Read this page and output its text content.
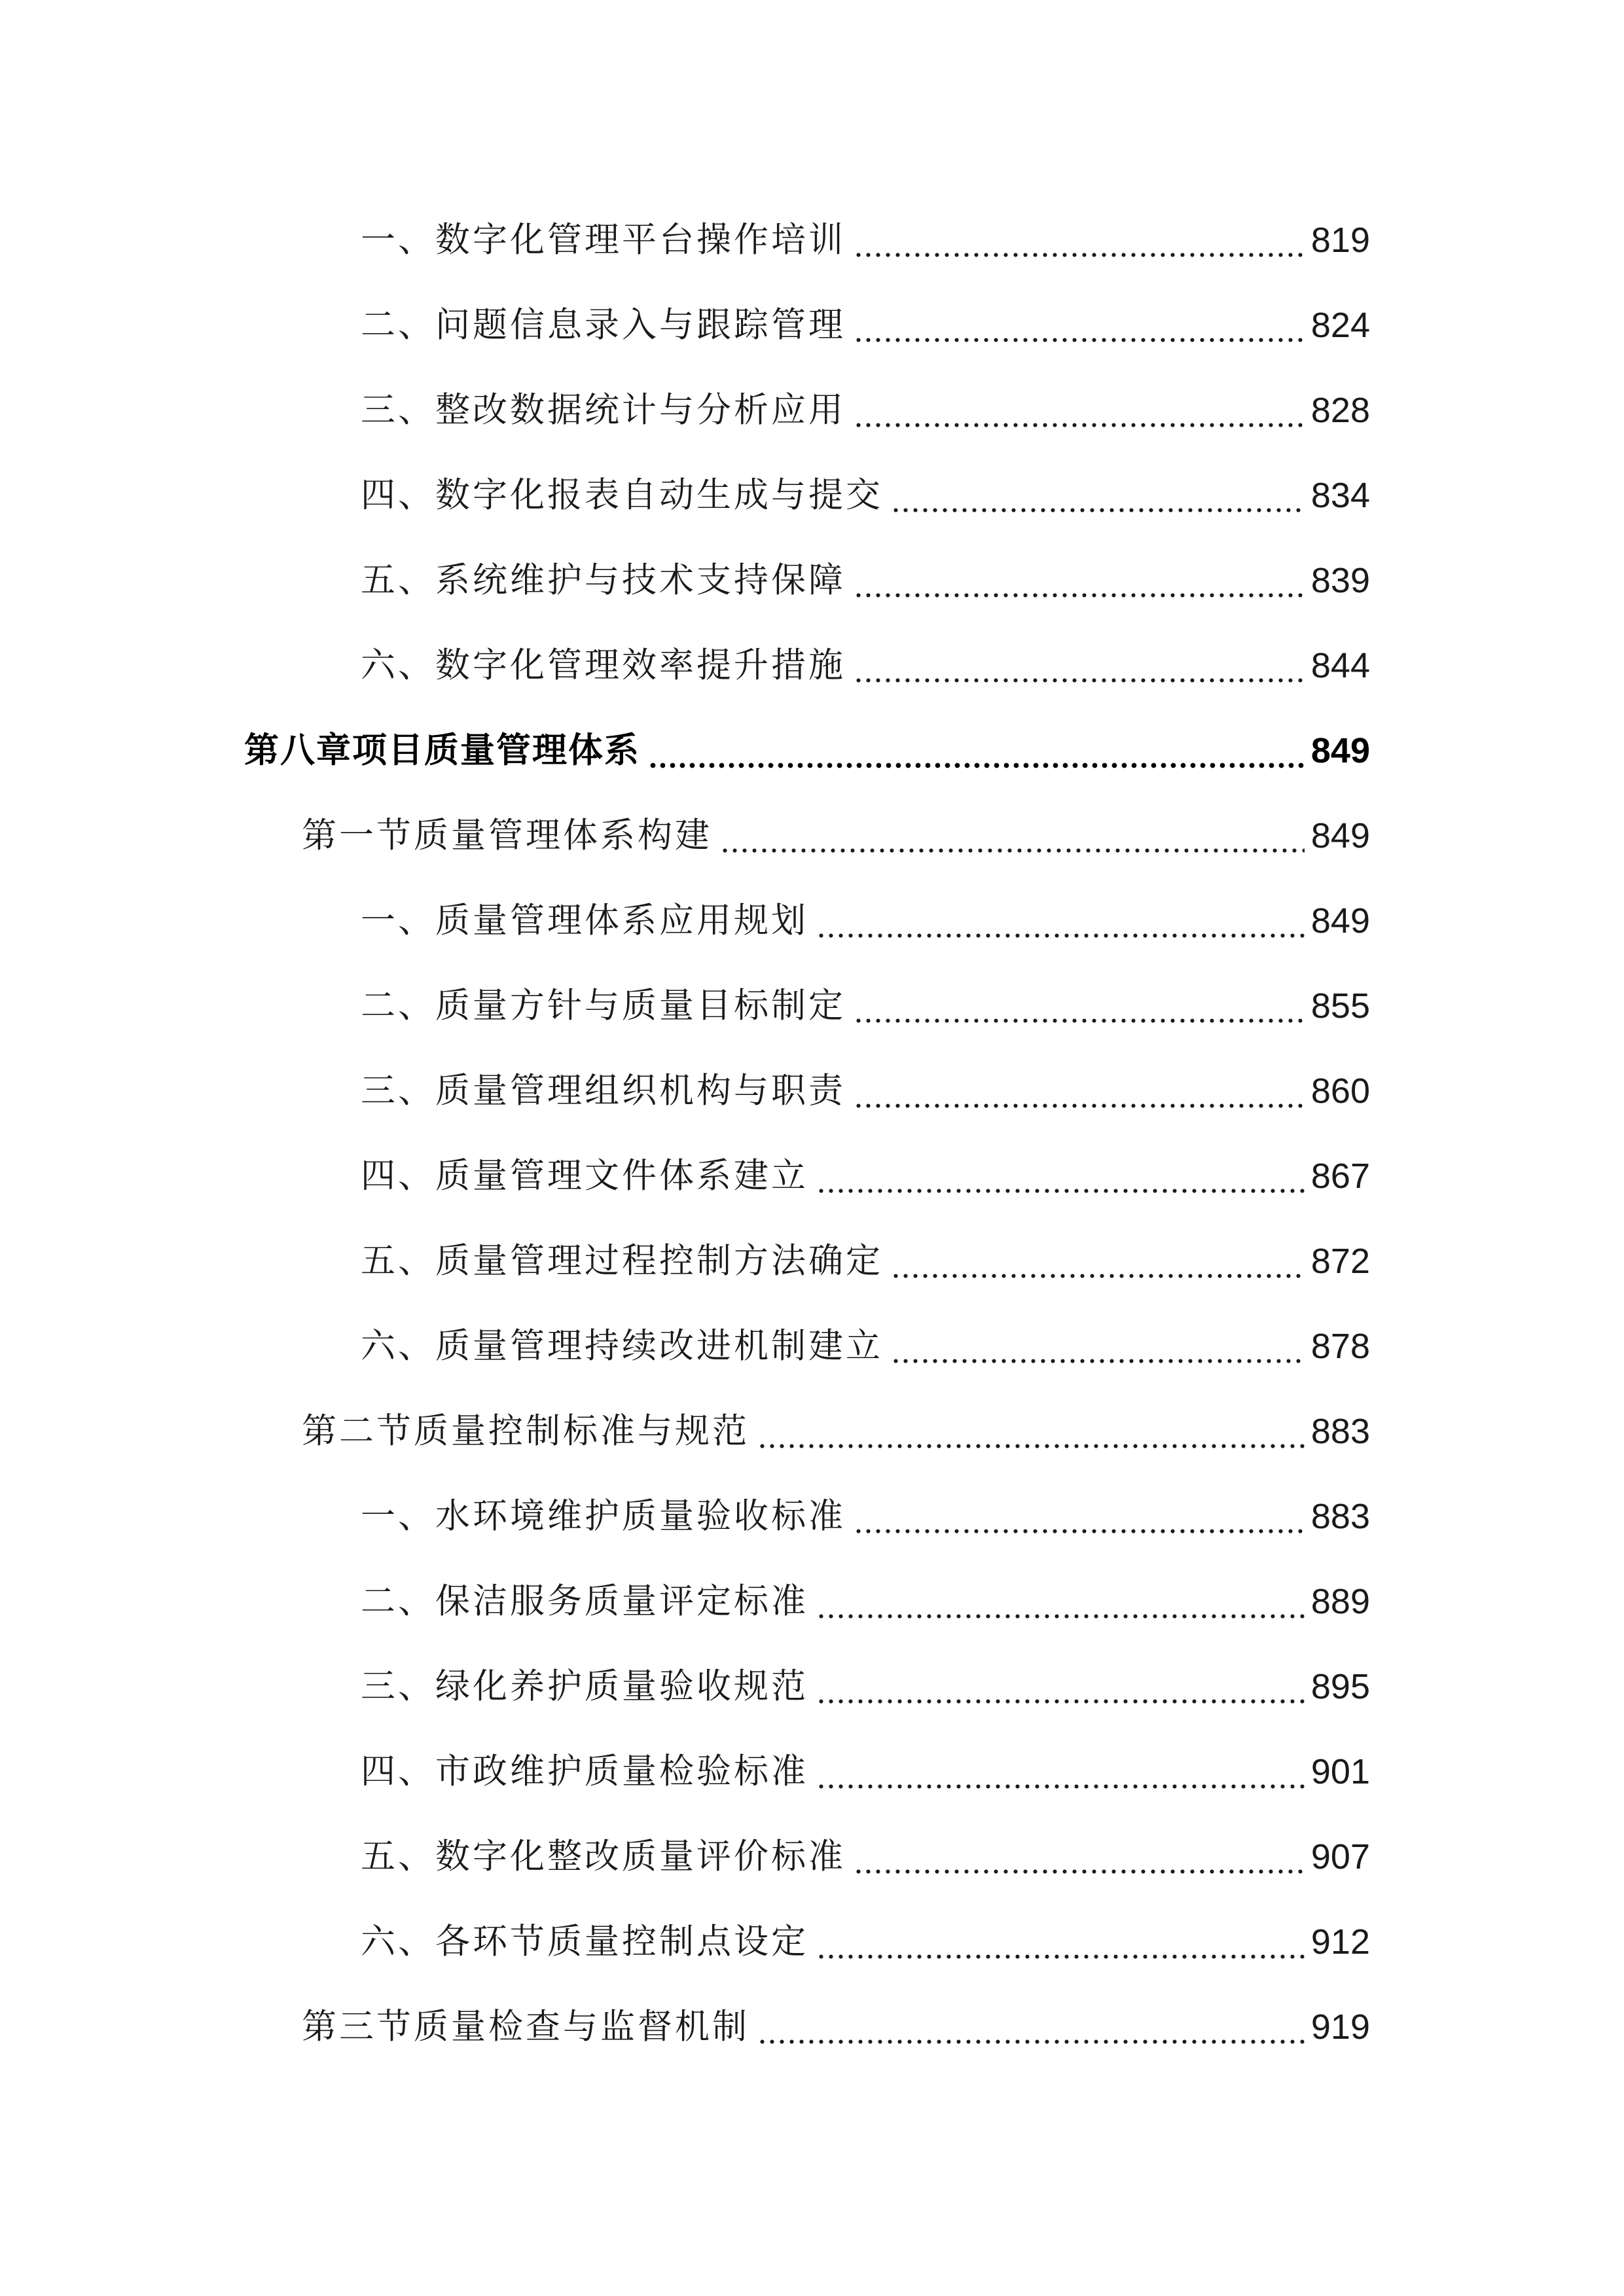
一、数字化管理平台操作培训	819
二、问题信息录入与跟踪管理	824
三、整改数据统计与分析应用	828
四、数字化报表自动生成与提交	834
五、系统维护与技术支持保障	839
六、数字化管理效率提升措施	844
第八章项目质量管理体系	849
第一节质量管理体系构建	849
一、质量管理体系应用规划	849
二、质量方针与质量目标制定	855
三、质量管理组织机构与职责	860
四、质量管理文件体系建立	867
五、质量管理过程控制方法确定	872
六、质量管理持续改进机制建立	878
第二节质量控制标准与规范	883
一、水环境维护质量验收标准	883
二、保洁服务质量评定标准	889
三、绿化养护质量验收规范	895
四、市政维护质量检验标准	901
五、数字化整改质量评价标准	907
六、各环节质量控制点设定	912
第三节质量检查与监督机制	919
